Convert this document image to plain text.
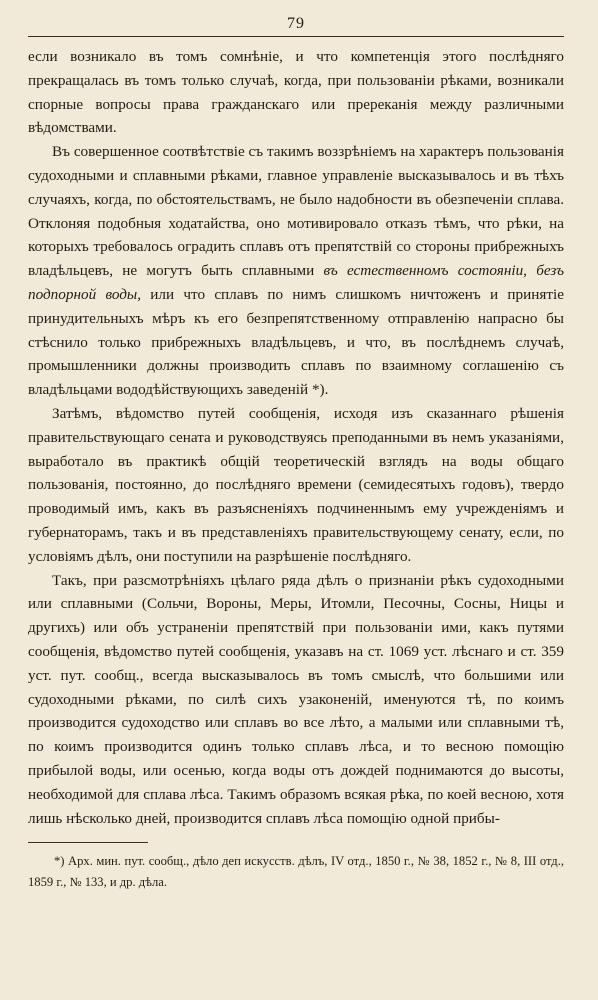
79

если возникало въ томъ сомнѣніе, и что компетенція этого послѣдняго прекращалась въ томъ только случаѣ, когда, при пользованіи рѣками, возникали спорные вопросы права гражданскаго или пререканія между различными вѣдомствами.

Въ совершенное соотвѣтствіе съ такимъ воззрѣніемъ на характеръ пользованія судоходными и сплавными рѣками, главное управленіе высказывалось и въ тѣхъ случаяхъ, когда, по обстоятельствамъ, не было надобности въ обезпеченіи сплава. Отклоняя подобныя ходатайства, оно мотивировало отказъ тѣмъ, что рѣки, на которыхъ требовалось оградить сплавъ отъ препятствій со стороны прибрежныхъ владѣльцевъ, не могутъ быть сплавными въ естественномъ состояніи, безъ подпорной воды, или что сплавъ по нимъ слишкомъ ничтоженъ и принятіе принудительныхъ мѣръ къ его безпрепятственному отправленію напрасно бы стѣснило только прибрежныхъ владѣльцевъ, и что, въ послѣднемъ случаѣ, промышленники должны производить сплавъ по взаимному соглашенію съ владѣльцами вододѣйствующихъ заведеній *).

Затѣмъ, вѣдомство путей сообщенія, исходя изъ сказаннаго рѣшенія правительствующаго сената и руководствуясь преподанными въ немъ указаніями, выработало въ практикѣ общій теоретическій взглядъ на воды общаго пользованія, постоянно, до послѣдняго времени (семидесятыхъ годовъ), твердо проводимый имъ, какъ въ разъясненіяхъ подчиненнымъ ему учрежденіямъ и губернаторамъ, такъ и въ представленіяхъ правительствующему сенату, если, по условіямъ дѣлъ, они поступили на разрѣшеніе послѣдняго.

Такъ, при разсмотрѣніяхъ цѣлаго ряда дѣлъ о признаніи рѣкъ судоходными или сплавными (Сольчи, Вороны, Меры, Итомли, Песочны, Сосны, Ницы и другихъ) или объ устраненіи препятствій при пользованіи ими, какъ путями сообщенія, вѣдомство путей сообщенія, указавъ на ст. 1069 уст. лѣснаго и ст. 359 уст. пут. сообщ., всегда высказывалось въ томъ смыслѣ, что большими или судоходными рѣками, по силѣ сихъ узаконеній, именуются тѣ, по коимъ производится судоходство или сплавъ во все лѣто, а малыми или сплавными тѣ, по коимъ производится одинъ только сплавъ лѣса, и то весною помощію прибылой воды, или осенью, когда воды отъ дождей поднимаются до высоты, необходимой для сплава лѣса. Такимъ образомъ всякая рѣка, по коей весною, хотя лишь нѣсколько дней, производится сплавъ лѣса помощію одной прибы-

*) Арх. мин. пут. сообщ., дѣло деп искусств. дѣлъ, IV отд., 1850 г., № 38, 1852 г., № 8, III отд., 1859 г., № 133, и др. дѣла.
